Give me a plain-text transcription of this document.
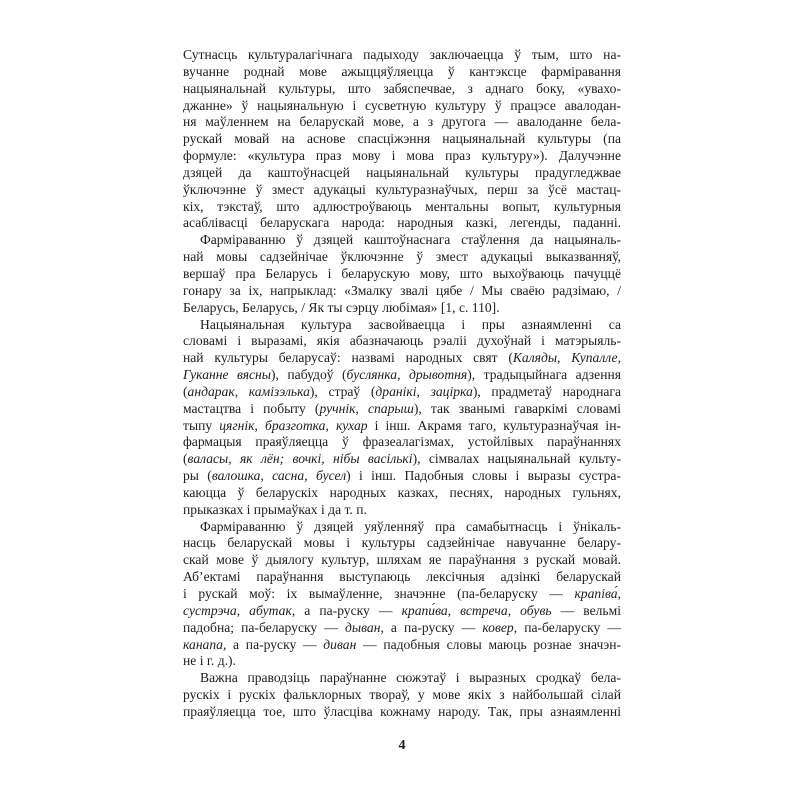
Сутнасць культуралагічнага падыходу заключаецца ў тым, што на-
вучанне роднай мове ажыццяўляецца ў кантэксце фарміравання
нацыянальнай культуры, што забяспечвае, з аднаго боку, «увахо-
джанне» ў нацыянальную і сусветную культуру ў працэсе авалодан-
ня маўленнем на беларускай мове, а з другога — авалоданне бела-
рускай мовай на аснове спасціжэння нацыянальнай культуры (па
формуле: «культура праз мову і мова праз культуру»). Далучэнне
дзяцей да каштоўнасцей нацыянальнай культуры прадугледжвае
ўключэнне ў змест адукацыі культуразнаўчых, перш за ўсё мастац-
кіх, тэкстаў, што адлюстроўваюць ментальны вопыт, культурныя
асаблівасці беларускага народа: народныя казкі, легенды, паданні.
Фарміраванню ў дзяцей каштоўнаснага стаўлення да нацыяналь-
най мовы садзейнічае ўключэнне ў змест адукацыі выказванняў,
вершаў пра Беларусь і беларускую мову, што выхоўваюць пачуццё
гонару за іх, напрыклад: «Змалку звалі цябе / Мы сваёю радзімаю, /
Беларусь, Беларусь, / Як ты сэрцу любімая» [1, с. 110].
Нацыянальная культура засвойваецца і пры азнаямленні са
словамі і выразамі, якія абазначаюць рэаліі духоўнай і матэрыяль-
най культуры беларусаў: назвамі народных свят (Каляды, Купалле,
Гуканне вясны), пабудоў (буслянка, дрывотня), традыцыйнага адзення
(андарак, камізэлька), страў (дранікі, зацірка), прадметаў народнага
мастацтва і побыту (ручнік, спарыш), так званымі гаваркімі словамі
тыпу цягнік, бразготка, кухар і інш. Акрамя таго, культуразнаўчая ін-
фармацыя праяўляецца ў фразеалагізмах, устойлівых параўнаннях
(валасы, як лён; вочкі, нібы васількі), сімвалах нацыянальнай культу-
ры (валошка, сасна, бусел) і інш. Падобныя словы і выразы сустра-
каюцца ў беларускіх народных казках, песнях, народных гульнях,
прыказках і прымаўках і да т. п.
Фарміраванню ў дзяцей уяўленняў пра самабытнасць і ўнікаль-
насць беларускай мовы і культуры садзейнічае навучанне белару-
скай мове ў дыялогу культур, шляхам яе параўнання з рускай мовай.
Аб’ектамі параўнання выступаюць лексічныя адзінкі беларускай
і рускай моў: іх вымаўленне, значэнне (па-беларуску — крапіва́,
сустрэча, абутак, а па-руску — крапи́ва, встреча, обувь — вельмі
падобна; па-беларуску — дыван, а па-руску — ковер, па-беларуску —
канапа, а па-руску — диван — падобныя словы маюць рознае значэн-
не і г. д.).
Важна праводзіць параўнанне сюжэтаў і выразных сродкаў бела-
рускіх і рускіх фальклорных твораў, у мове якіх з найбольшай сілай
праяўляецца тое, што ўласціва кожнаму народу. Так, пры азнаямленні
4
